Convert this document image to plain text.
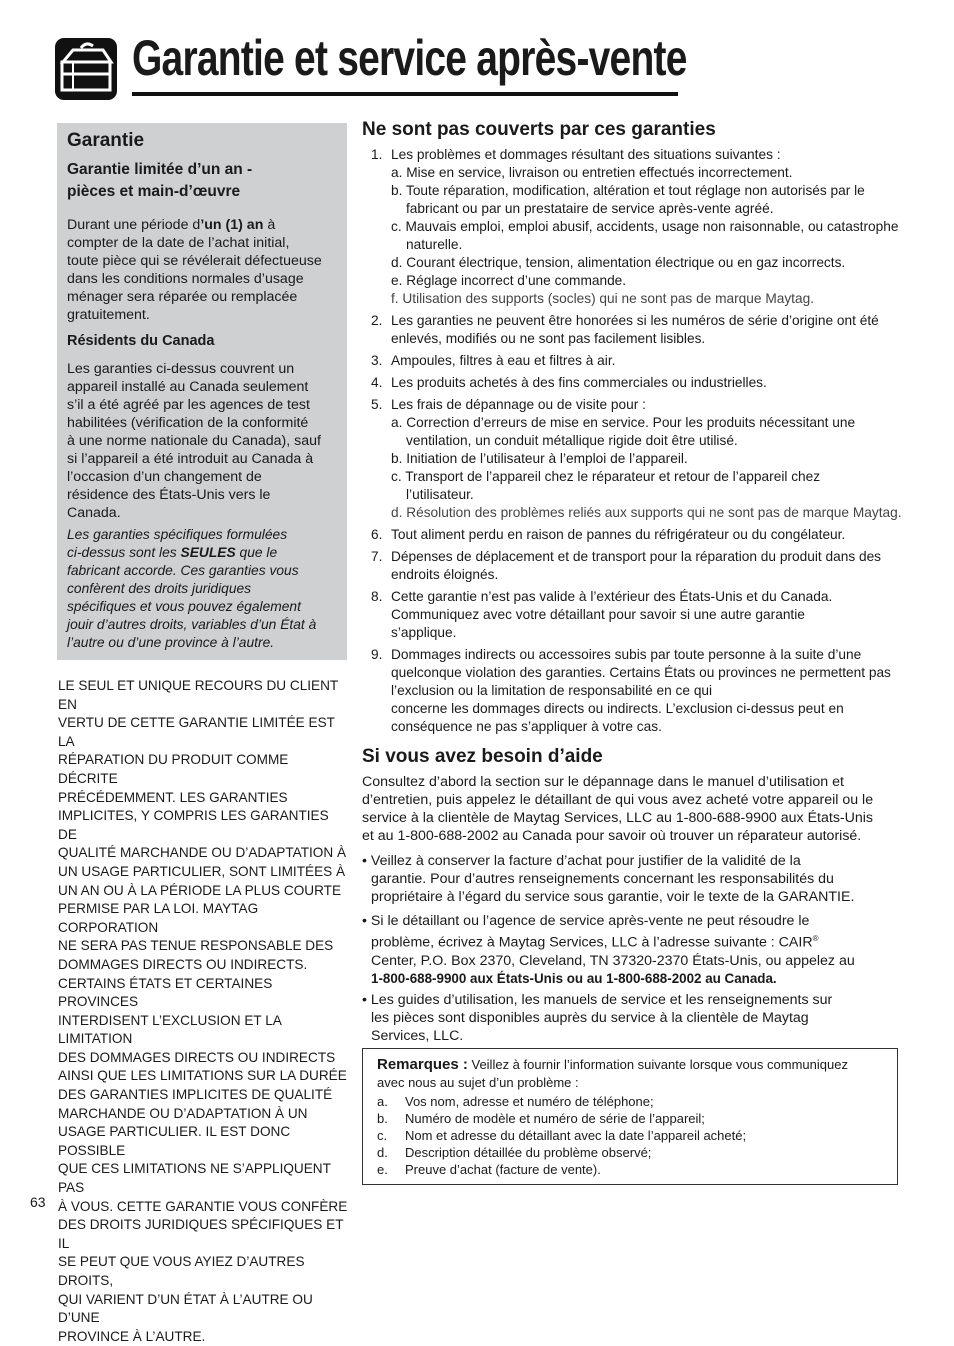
Garantie et service après-vente
Garantie
Garantie limitée d’un an -
pièces et main-d’œuvre
Durant une période d’un (1) an à
compter de la date de l’achat initial,
toute pièce qui se révélerait défectueuse
dans les conditions normales d’usage
ménager sera réparée ou remplacée
gratuitement.
Résidents du Canada
Les garanties ci-dessus couvrent un
appareil installé au Canada seulement
s’il a été agréé par les agences de test
habilitées (vérification de la conformité
à une norme nationale du Canada), sauf
si l’appareil a été introduit au Canada à
l’occasion d’un changement de
résidence des États-Unis vers le
Canada.
Les garanties spécifiques formulées
ci-dessus sont les SEULES que le
fabricant accorde. Ces garanties vous
confèrent des droits juridiques
spécifiques et vous pouvez également
jouir d’autres droits, variables d’un État à
l’autre ou d’une province à l’autre.
LE SEUL ET UNIQUE RECOURS DU CLIENT EN
VERTU DE CETTE GARANTIE LIMITÉE EST LA
RÉPARATION DU PRODUIT COMME DÉCRITE
PRÉCÉDEMMENT. LES GARANTIES
IMPLICITES, Y COMPRIS LES GARANTIES DE
QUALITÉ MARCHANDE OU D’ADAPTATION À
UN USAGE PARTICULIER, SONT LIMITÉES À
UN AN OU À LA PÉRIODE LA PLUS COURTE
PERMISE PAR LA LOI. MAYTAG CORPORATION
NE SERA PAS TENUE RESPONSABLE DES
DOMMAGES DIRECTS OU INDIRECTS.
CERTAINS ÉTATS ET CERTAINES PROVINCES
INTERDISENT L’EXCLUSION ET LA LIMITATION
DES DOMMAGES DIRECTS OU INDIRECTS
AINSI QUE LES LIMITATIONS SUR LA DURÉE
DES GARANTIES IMPLICITES DE QUALITÉ
MARCHANDE OU D’ADAPTATION À UN
USAGE PARTICULIER. IL EST DONC POSSIBLE
QUE CES LIMITATIONS NE S’APPLIQUENT PAS
À VOUS. CETTE GARANTIE VOUS CONFÈRE
DES DROITS JURIDIQUES SPÉCIFIQUES ET IL
SE PEUT QUE VOUS AYIEZ D’AUTRES DROITS,
QUI VARIENT D’UN ÉTAT À L’AUTRE OU D’UNE
PROVINCE À L’AUTRE.
Ne sont pas couverts par ces garanties
1. Les problèmes et dommages résultant des situations suivantes :
a. Mise en service, livraison ou entretien effectués incorrectement.
b. Toute réparation, modification, altération et tout réglage non autorisés par le
fabricant ou par un prestataire de service après-vente agréé.
c. Mauvais emploi, emploi abusif, accidents, usage non raisonnable, ou catastrophe
naturelle.
d. Courant électrique, tension, alimentation électrique ou en gaz incorrects.
e. Réglage incorrect d’une commande.
f. Utilisation des supports (socles) qui ne sont pas de marque Maytag.
2. Les garanties ne peuvent être honorées si les numéros de série d’origine ont été
enlevés, modifiés ou ne sont pas facilement lisibles.
3. Ampoules, filtres à eau et filtres à air.
4. Les produits achetés à des fins commerciales ou industrielles.
5. Les frais de dépannage ou de visite pour :
a. Correction d’erreurs de mise en service. Pour les produits nécessitant une
ventilation, un conduit métallique rigide doit être utilisé.
b. Initiation de l’utilisateur à l’emploi de l’appareil.
c. Transport de l’appareil chez le réparateur et retour de l’appareil chez
l’utilisateur.
d. Résolution des problèmes reliés aux supports qui ne sont pas de marque Maytag.
6. Tout aliment perdu en raison de pannes du réfrigérateur ou du congélateur.
7. Dépenses de déplacement et de transport pour la réparation du produit dans des
endroits éloignés.
8. Cette garantie n’est pas valide à l’extérieur des États-Unis et du Canada.
Communiquez avec votre détaillant pour savoir si une autre garantie
s’applique.
9. Dommages indirects ou accessoires subis par toute personne à la suite d’une
quelconque violation des garanties. Certains États ou provinces ne permettent pas
l’exclusion ou la limitation de responsabilité en ce qui
concerne les dommages directs ou indirects. L’exclusion ci-dessus peut en
conséquence ne pas s’appliquer à votre cas.
Si vous avez besoin d’aide
Consultez d’abord la section sur le dépannage dans le manuel d’utilisation et
d’entretien, puis appelez le détaillant de qui vous avez acheté votre appareil ou le
service à la clientèle de Maytag Services, LLC au 1-800-688-9900 aux États-Unis
et au 1-800-688-2002 au Canada pour savoir où trouver un réparateur autorisé.
• Veillez à conserver la facture d’achat pour justifier de la validité de la
garantie. Pour d’autres renseignements concernant les responsabilités du
propriétaire à l’égard du service sous garantie, voir le texte de la GARANTIE.
• Si le détaillant ou l’agence de service après-vente ne peut résoudre le
problème, écrivez à Maytag Services, LLC à l’adresse suivante : CAIR®
Center, P.O. Box 2370, Cleveland, TN 37320-2370 États-Unis, ou appelez au
1-800-688-9900 aux États-Unis ou au 1-800-688-2002 au Canada.
• Les guides d’utilisation, les manuels de service et les renseignements sur
les pièces sont disponibles auprès du service à la clientèle de Maytag
Services, LLC.
Remarques : Veillez à fournir l’information suivante lorsque vous communiquez
avec nous au sujet d’un problème :
a. Vos nom, adresse et numéro de téléphone;
b. Numéro de modèle et numéro de série de l’appareil;
c. Nom et adresse du détaillant avec la date l’appareil acheté;
d. Description détaillée du problème observé;
e. Preuve d’achat (facture de vente).
63
